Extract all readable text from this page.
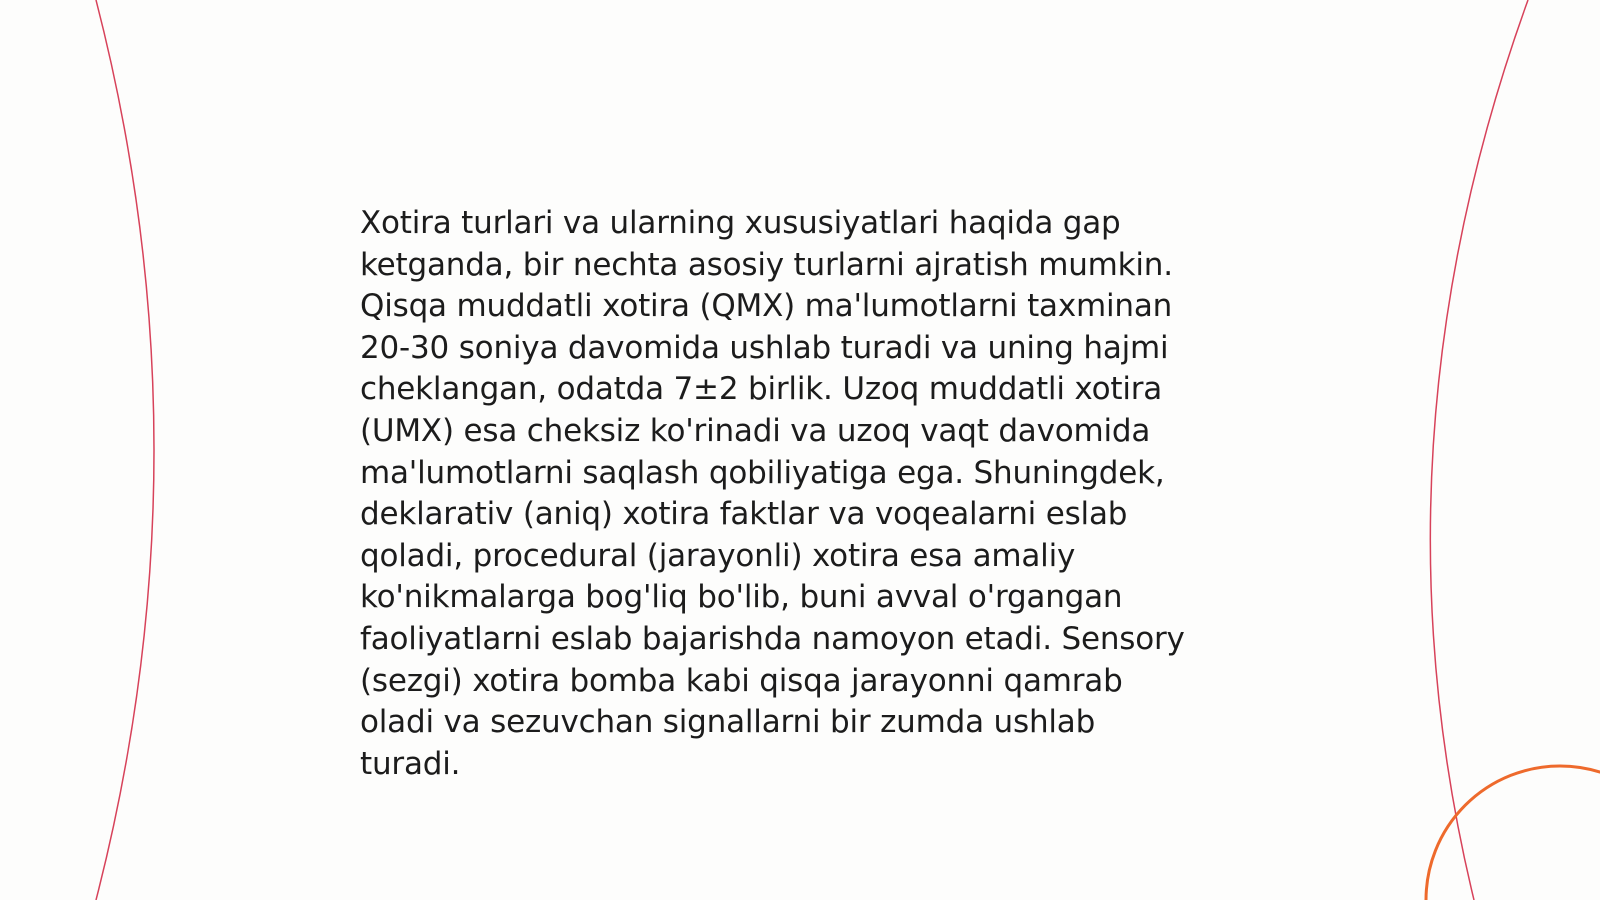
Xotira turlari va ularning xususiyatlari haqida gap
ketganda, bir nechta asosiy turlarni ajratish mumkin.
Qisqa muddatli xotira (QMX) ma'lumotlarni taxminan
20-30 soniya davomida ushlab turadi va uning hajmi
cheklangan, odatda 7±2 birlik. Uzoq muddatli xotira
(UMX) esa cheksiz ko'rinadi va uzoq vaqt davomida
ma'lumotlarni saqlash qobiliyatiga ega. Shuningdek,
deklarativ (aniq) xotira faktlar va voqealarni eslab
qoladi, procedural (jarayonli) xotira esa amaliy
ko'nikmalarga bog'liq bo'lib, buni avval o'rgangan
faoliyatlarni eslab bajarishda namoyon etadi. Sensory
(sezgi) xotira bomba kabi qisqa jarayonni qamrab
oladi va sezuvchan signallarni bir zumda ushlab
turadi.
